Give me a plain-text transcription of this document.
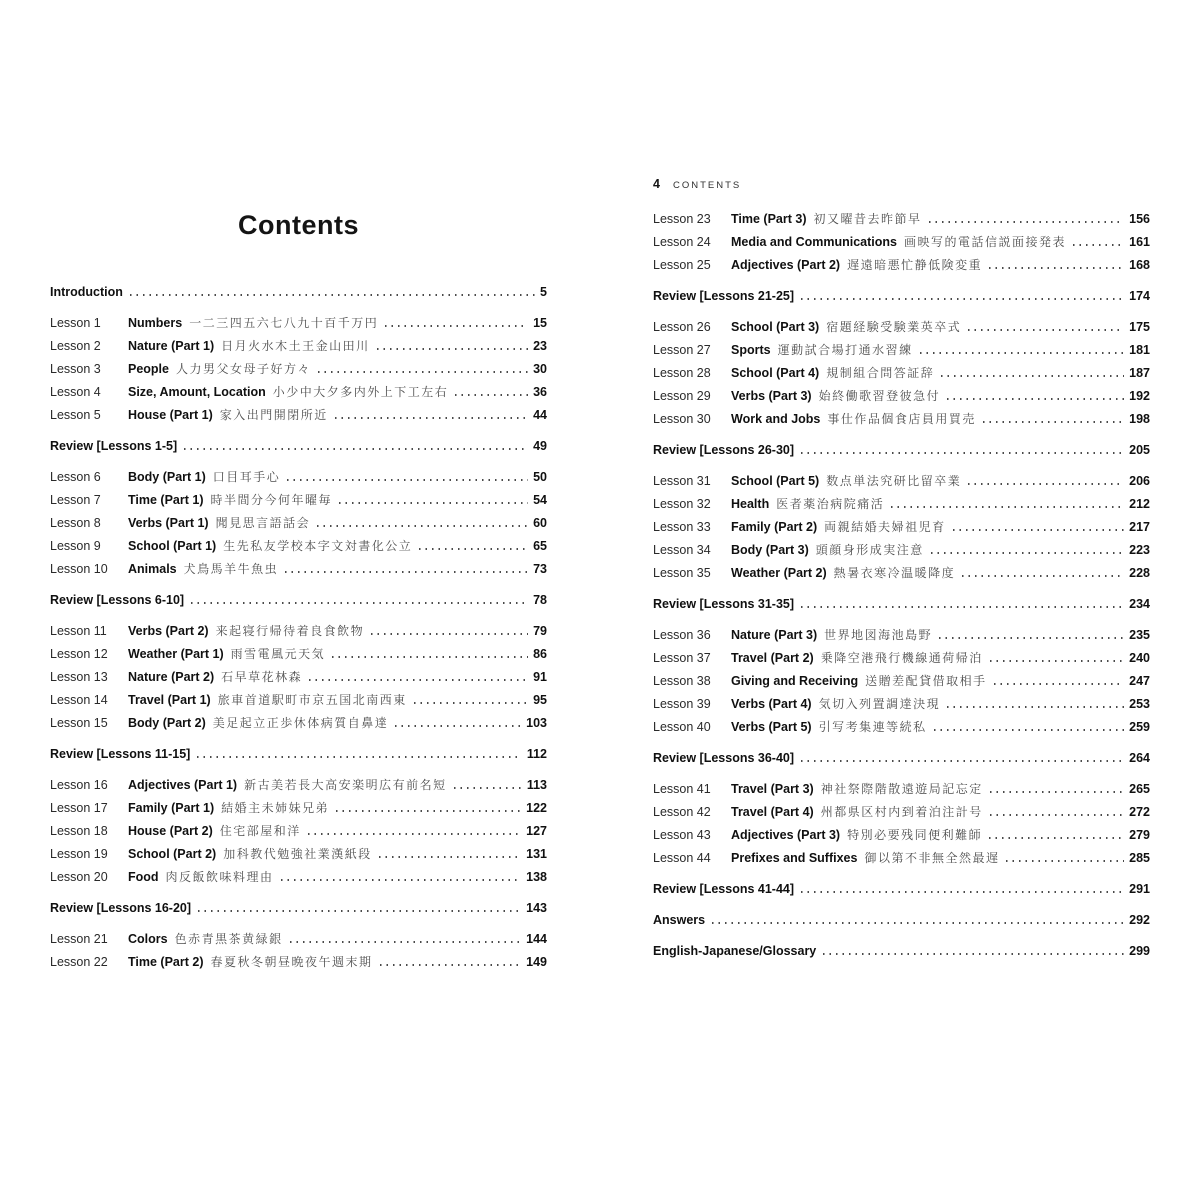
Contents
Introduction	5
Lesson 1	Numbers 一二三四五六七八九十百千万円	15
Lesson 2	Nature (Part 1) 日月火水木土王金山田川	23
Lesson 3	People 人力男父女母子好方々	30
Lesson 4	Size, Amount, Location 小少中大夕多内外上下工左右	36
Lesson 5	House (Part 1) 家入出門開閉所近	44
Review [Lessons 1-5]	49
Lesson 6	Body (Part 1) 口目耳手心	50
Lesson 7	Time (Part 1) 時半間分今何年曜毎	54
Lesson 8	Verbs (Part 1) 聞見思言語話会	60
Lesson 9	School (Part 1) 生先私友学校本字文対書化公立	65
Lesson 10	Animals 犬鳥馬羊牛魚虫	73
Review [Lessons 6-10]	78
Lesson 11	Verbs (Part 2) 来起寝行帰待着良食飲物	79
Lesson 12	Weather (Part 1) 雨雪電風元天気	86
Lesson 13	Nature (Part 2) 石早草花林森	91
Lesson 14	Travel (Part 1) 旅車首道駅町市京五国北南西東	95
Lesson 15	Body (Part 2) 美足起立正歩休体病質自鼻達	103
Review [Lessons 11-15]	112
Lesson 16	Adjectives (Part 1) 新古美若長大高安楽明広有前名短	113
Lesson 17	Family (Part 1) 結婚主未姉妹兄弟	122
Lesson 18	House (Part 2) 住宅部屋和洋	127
Lesson 19	School (Part 2) 加科教代勉強社業漢紙段	131
Lesson 20	Food 肉反飯飲味料理由	138
Review [Lessons 16-20]	143
Lesson 21	Colors 色赤青黒茶黄緑銀	144
Lesson 22	Time (Part 2) 春夏秋冬朝昼晩夜午週末期	149
4 CONTENTS
Lesson 23	Time (Part 3) 初又曜昔去昨節早	156
Lesson 24	Media and Communications 画映写的電話信説面接発表	161
Lesson 25	Adjectives (Part 2) 遅遠暗悪忙静低険変重	168
Review [Lessons 21-25]	174
Lesson 26	School (Part 3) 宿題経験受験業英卒式	175
Lesson 27	Sports 運動試合場打通水習練	181
Lesson 28	School (Part 4) 規制組合問答証辞	187
Lesson 29	Verbs (Part 3) 始終働歌習登彼急付	192
Lesson 30	Work and Jobs 事仕作品個食店員用買売	198
Review [Lessons 26-30]	205
Lesson 31	School (Part 5) 数点単法究研比留卒業	206
Lesson 32	Health 医者薬治病院痛活	212
Lesson 33	Family (Part 2) 両親結婚夫婦祖児育	217
Lesson 34	Body (Part 3) 頭顔身形成実注意	223
Lesson 35	Weather (Part 2) 熱暑衣寒冷温暖降度	228
Review [Lessons 31-35]	234
Lesson 36	Nature (Part 3) 世界地図海池島野	235
Lesson 37	Travel (Part 2) 乗降空港飛行機線通荷帰泊	240
Lesson 38	Giving and Receiving 送贈差配貸借取相手	247
Lesson 39	Verbs (Part 4) 気切入列置調達決現	253
Lesson 40	Verbs (Part 5) 引写考集連等続私	259
Review [Lessons 36-40]	264
Lesson 41	Travel (Part 3) 神社祭際階散遠遊局記忘定	265
Lesson 42	Travel (Part 4) 州都県区村内到着泊注計号	272
Lesson 43	Adjectives (Part 3) 特別必要残同便利難師	279
Lesson 44	Prefixes and Suffixes 御以第不非無全然最遅	285
Review [Lessons 41-44]	291
Answers	292
English-Japanese/Glossary	299
